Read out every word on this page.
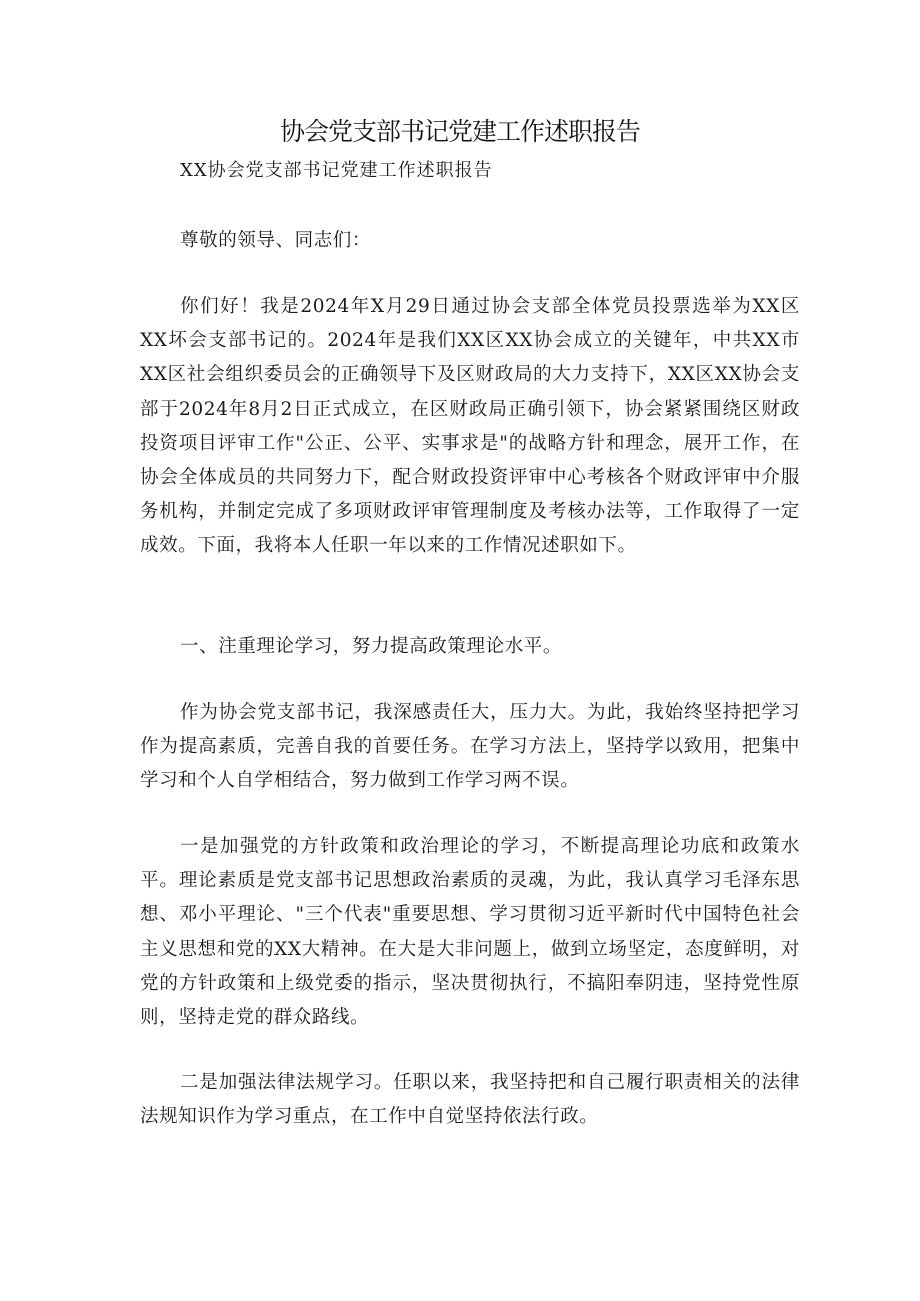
协会党支部书记党建工作述职报告
XX协会党支部书记党建工作述职报告
尊敬的领导、同志们：
你们好！我是2024年X月29日通过协会支部全体党员投票选举为XX区XX坏会支部书记的。2024年是我们XX区XX协会成立的关键年，中共XX市XX区社会组织委员会的正确领导下及区财政局的大力支持下，XX区XX协会支部于2024年8月2日正式成立，在区财政局正确引领下，协会紧紧围绕区财政投资项目评审工作"公正、公平、实事求是"的战略方针和理念，展开工作，在协会全体成员的共同努力下，配合财政投资评审中心考核各个财政评审中介服务机构，并制定完成了多项财政评审管理制度及考核办法等，工作取得了一定成效。下面，我将本人任职一年以来的工作情况述职如下。
一、注重理论学习，努力提高政策理论水平。
作为协会党支部书记，我深感责任大，压力大。为此，我始终坚持把学习作为提高素质，完善自我的首要任务。在学习方法上，坚持学以致用，把集中学习和个人自学相结合，努力做到工作学习两不误。
一是加强党的方针政策和政治理论的学习，不断提高理论功底和政策水平。理论素质是党支部书记思想政治素质的灵魂，为此，我认真学习毛泽东思想、邓小平理论、"三个代表"重要思想、学习贯彻习近平新时代中国特色社会主义思想和党的XX大精神。在大是大非问题上，做到立场坚定，态度鲜明，对党的方针政策和上级党委的指示，坚决贯彻执行，不搞阳奉阴违，坚持党性原则，坚持走党的群众路线。
二是加强法律法规学习。任职以来，我坚持把和自己履行职责相关的法律法规知识作为学习重点，在工作中自觉坚持依法行政。
